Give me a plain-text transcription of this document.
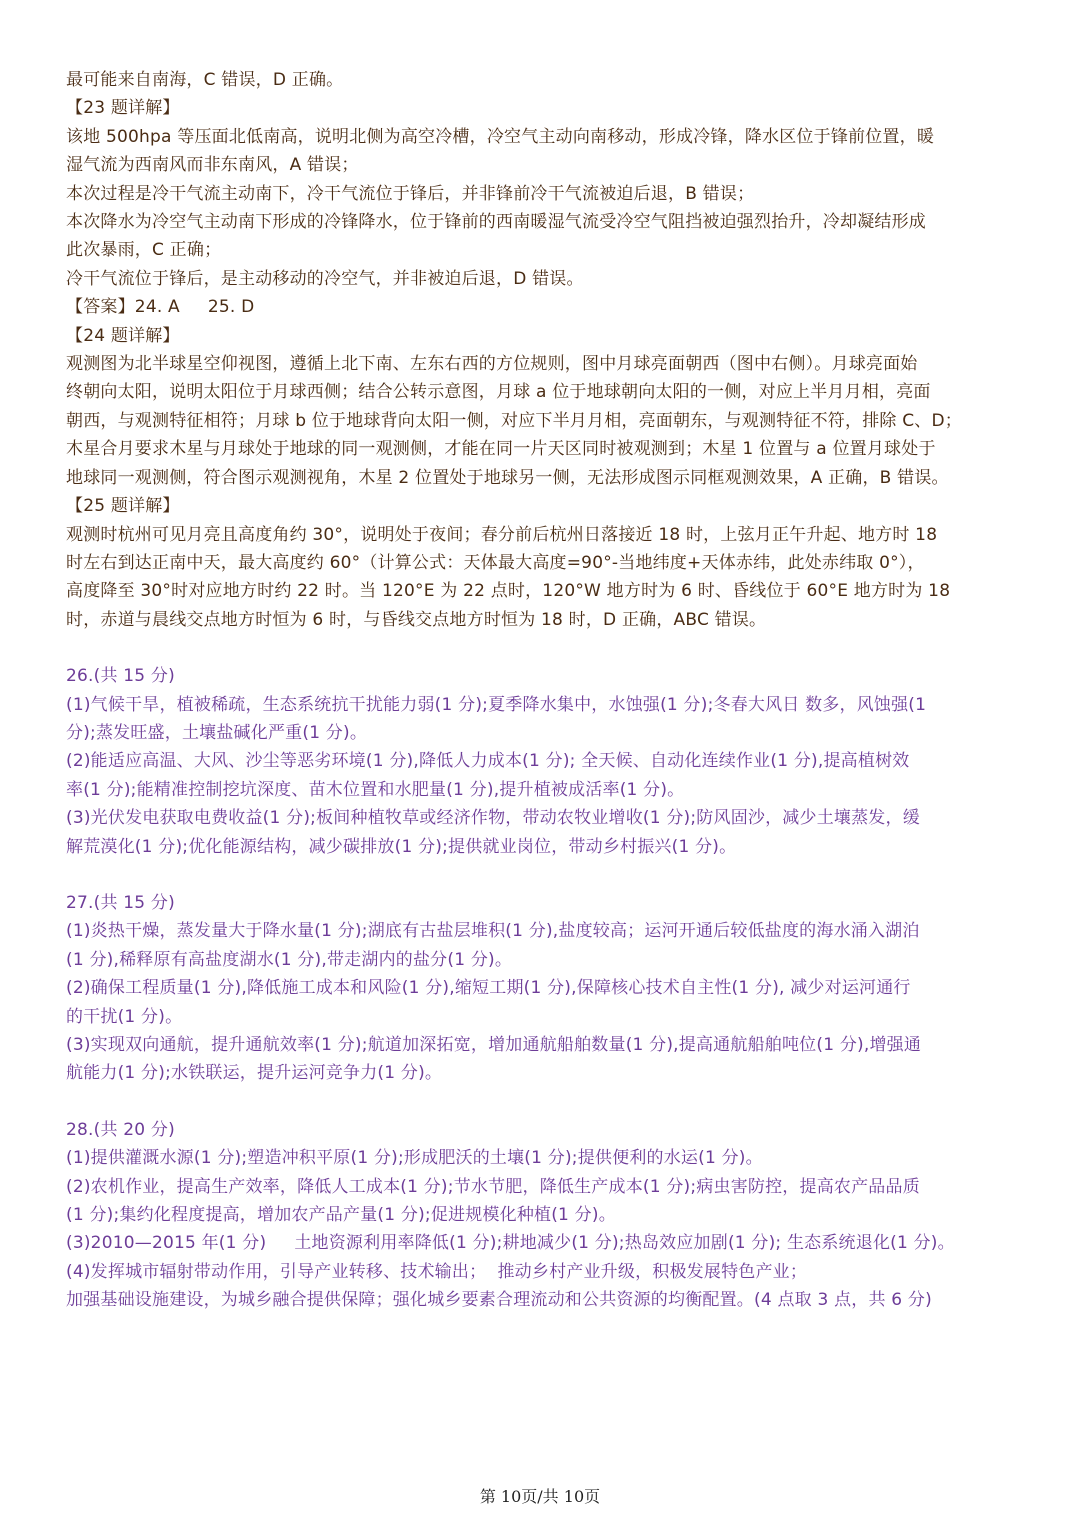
最可能来自南海，C 错误，D 正确。
【23 题详解】
该地 500hpa 等压面北低南高，说明北侧为高空冷槽，冷空气主动向南移动，形成冷锋，降水区位于锋前位置，暖
湿气流为西南风而非东南风，A 错误；
本次过程是冷干气流主动南下，冷干气流位于锋后，并非锋前冷干气流被迫后退，B 错误；
本次降水为冷空气主动南下形成的冷锋降水，位于锋前的西南暖湿气流受冷空气阻挡被迫强烈抬升，冷却凝结形成
此次暴雨，C 正确；
冷干气流位于锋后，是主动移动的冷空气，并非被迫后退，D 错误。
【答案】24. A     25. D
【24 题详解】
观测图为北半球星空仰视图，遵循上北下南、左东右西的方位规则，图中月球亮面朝西（图中右侧）。月球亮面始
终朝向太阳，说明太阳位于月球西侧；结合公转示意图，月球 a 位于地球朝向太阳的一侧，对应上半月月相，亮面
朝西，与观测特征相符；月球 b 位于地球背向太阳一侧，对应下半月月相，亮面朝东，与观测特征不符，排除 C、D；
木星合月要求木星与月球处于地球的同一观测侧，才能在同一片天区同时被观测到；木星 1 位置与 a 位置月球处于
地球同一观测侧，符合图示观测视角，木星 2 位置处于地球另一侧，无法形成图示同框观测效果，A 正确，B 错误。
【25 题详解】
观测时杭州可见月亮且高度角约 30°，说明处于夜间；春分前后杭州日落接近 18 时，上弦月正午升起、地方时 18
时左右到达正南中天，最大高度约 60°（计算公式：天体最大高度=90°-当地纬度+天体赤纬，此处赤纬取 0°），
高度降至 30°时对应地方时约 22 时。当 120°E 为 22 点时，120°W 地方时为 6 时、昏线位于 60°E 地方时为 18
时，赤道与晨线交点地方时恒为 6 时，与昏线交点地方时恒为 18 时，D 正确，ABC 错误。
26.(共 15 分)
(1)气候干旱，植被稀疏，生态系统抗干扰能力弱(1 分);夏季降水集中，水蚀强(1 分);冬春大风日 数多，风蚀强(1
分);蒸发旺盛，土壤盐碱化严重(1 分)。
(2)能适应高温、大风、沙尘等恶劣环境(1 分),降低人力成本(1 分); 全天候、自动化连续作业(1 分),提高植树效
率(1 分);能精准控制挖坑深度、苗木位置和水肥量(1 分),提升植被成活率(1 分)。
(3)光伏发电获取电费收益(1 分);板间种植牧草或经济作物，带动农牧业增收(1 分);防风固沙，减少土壤蒸发，缓
解荒漠化(1 分);优化能源结构，减少碳排放(1 分);提供就业岗位，带动乡村振兴(1 分)。
27.(共 15 分)
(1)炎热干燥，蒸发量大于降水量(1 分);湖底有古盐层堆积(1 分),盐度较高；运河开通后较低盐度的海水涌入湖泊
(1 分),稀释原有高盐度湖水(1 分),带走湖内的盐分(1 分)。
(2)确保工程质量(1 分),降低施工成本和风险(1 分),缩短工期(1 分),保障核心技术自主性(1 分), 减少对运河通行
的干扰(1 分)。
(3)实现双向通航，提升通航效率(1 分);航道加深拓宽，增加通航船舶数量(1 分),提高通航船舶吨位(1 分),增强通
航能力(1 分);水铁联运，提升运河竞争力(1 分)。
28.(共 20 分)
(1)提供灌溉水源(1 分);塑造冲积平原(1 分);形成肥沃的土壤(1 分);提供便利的水运(1 分)。
(2)农机作业，提高生产效率，降低人工成本(1 分);节水节肥，降低生产成本(1 分);病虫害防控，提高农产品品质
(1 分);集约化程度提高，增加农产品产量(1 分);促进规模化种植(1 分)。
(3)2010—2015 年(1 分)     土地资源利用率降低(1 分);耕地减少(1 分);热岛效应加剧(1 分); 生态系统退化(1 分)。
(4)发挥城市辐射带动作用，引导产业转移、技术输出；  推动乡村产业升级，积极发展特色产业；
加强基础设施建设，为城乡融合提供保障；强化城乡要素合理流动和公共资源的均衡配置。(4 点取 3 点，共 6 分)
第 10页/共 10页
